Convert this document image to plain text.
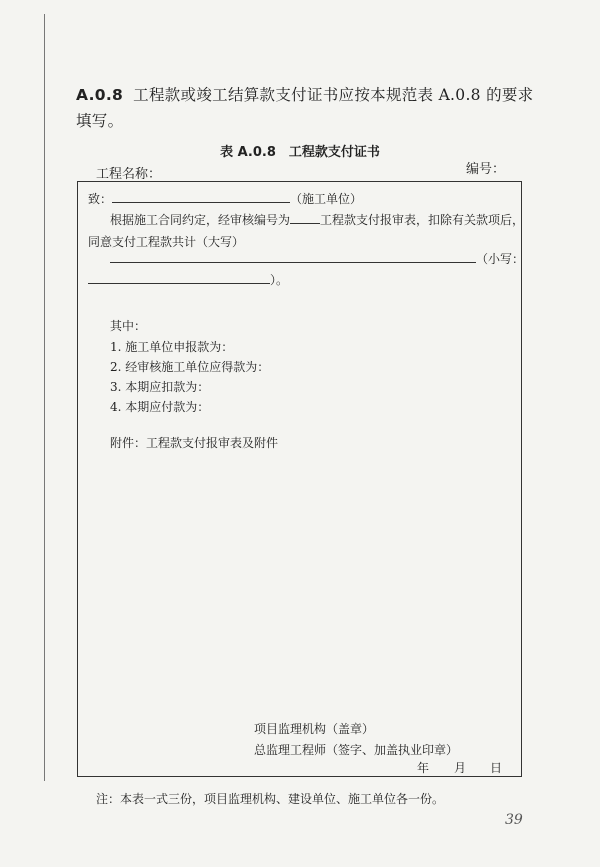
A.0.8 工程款或竣工结算款支付证书应按本规范表 A.0.8 的要求填写。
表 A.0.8　工程款支付证书
工程名称：	编号：
致：	（施工单位）
根据施工合同约定，经审核编号为	工程款支付报审表，扣除有关款项后，
同意支付工程款共计（大写）
（小写：
）。
其中：
1. 施工单位申报款为：
2. 经审核施工单位应得款为：
3. 本期应扣款为：
4. 本期应付款为：
附件：工程款支付报审表及附件
项目监理机构（盖章）
总监理工程师（签字、加盖执业印章）
年 月 日
注：本表一式三份，项目监理机构、建设单位、施工单位各一份。
39
